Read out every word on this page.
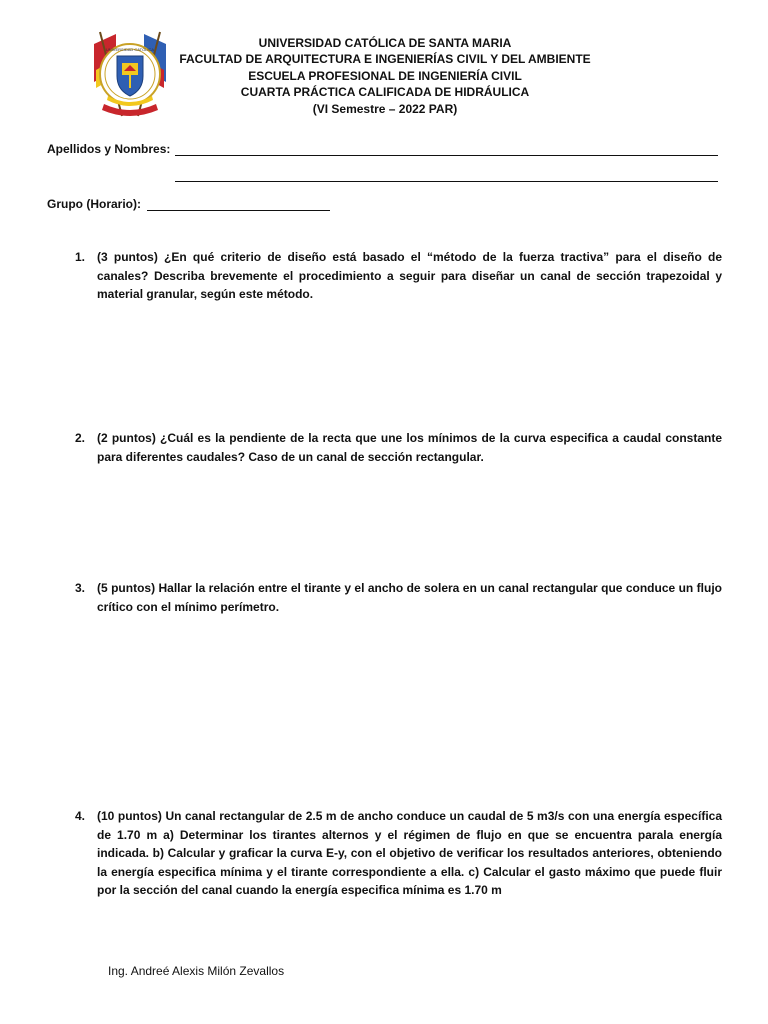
UNIVERSIDAD CATÓLICA	UNIVERSIDAD CATÓLICA DE SANTA MARIA
FACULTAD DE ARQUITECTURA E INGENIERÍAS CIVIL Y DEL AMBIENTE
ESCUELA PROFESIONAL DE INGENIERÍA CIVIL
CUARTA PRÁCTICA CALIFICADA DE HIDRÁULICA
(VI Semestre – 2022 PAR)
Apellidos y Nombres:
Grupo (Horario):
1. (3 puntos) ¿En qué criterio de diseño está basado el “método de la fuerza tractiva” para el diseño de canales? Describa brevemente el procedimiento a seguir para diseñar un canal de sección trapezoidal y material granular, según este método.
2. (2 puntos) ¿Cuál es la pendiente de la recta que une los mínimos de la curva especifica a caudal constante para diferentes caudales? Caso de un canal de sección rectangular.
3. (5 puntos) Hallar la relación entre el tirante y el ancho de solera en un canal rectangular que conduce un flujo crítico con el mínimo perímetro.
4. (10 puntos) Un canal rectangular de 2.5 m de ancho conduce un caudal de 5 m3/s con una energía específica de 1.70 m a) Determinar los tirantes alternos y el régimen de flujo en que se encuentra parala energía indicada. b) Calcular y graficar la curva E-y, con el objetivo de verificar los resultados anteriores, obteniendo la energía especifica mínima y el tirante correspondiente a ella. c) Calcular el gasto máximo que puede fluir por la sección del canal cuando la energía especifica mínima es 1.70 m
Ing. Andreé Alexis Milón Zevallos
